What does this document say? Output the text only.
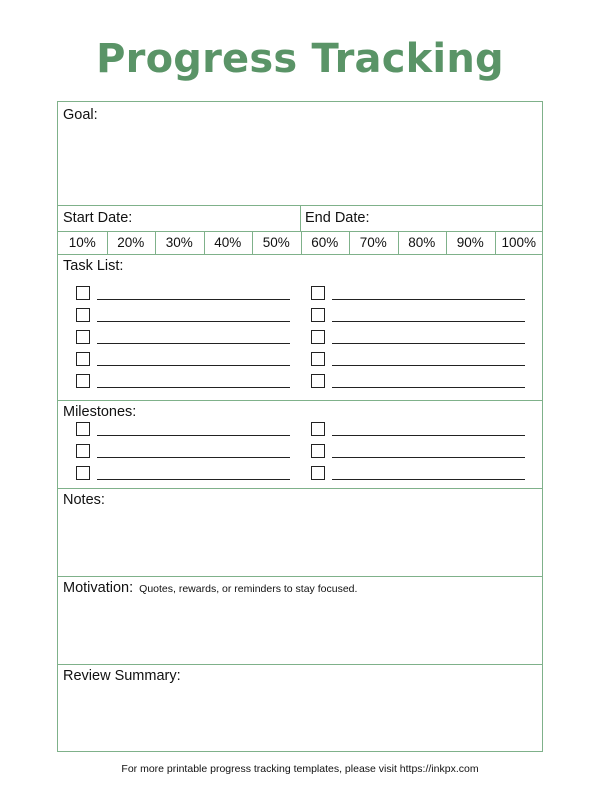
Progress Tracking
Goal:
Start Date:	End Date:
10%	20%	30%	40%	50%	60%	70%	80%	90%	100%
Task List:
Milestones:
Notes:
Motivation: Quotes, rewards, or reminders to stay focused.
Review Summary:
For more printable progress tracking templates, please visit https://inkpx.com
